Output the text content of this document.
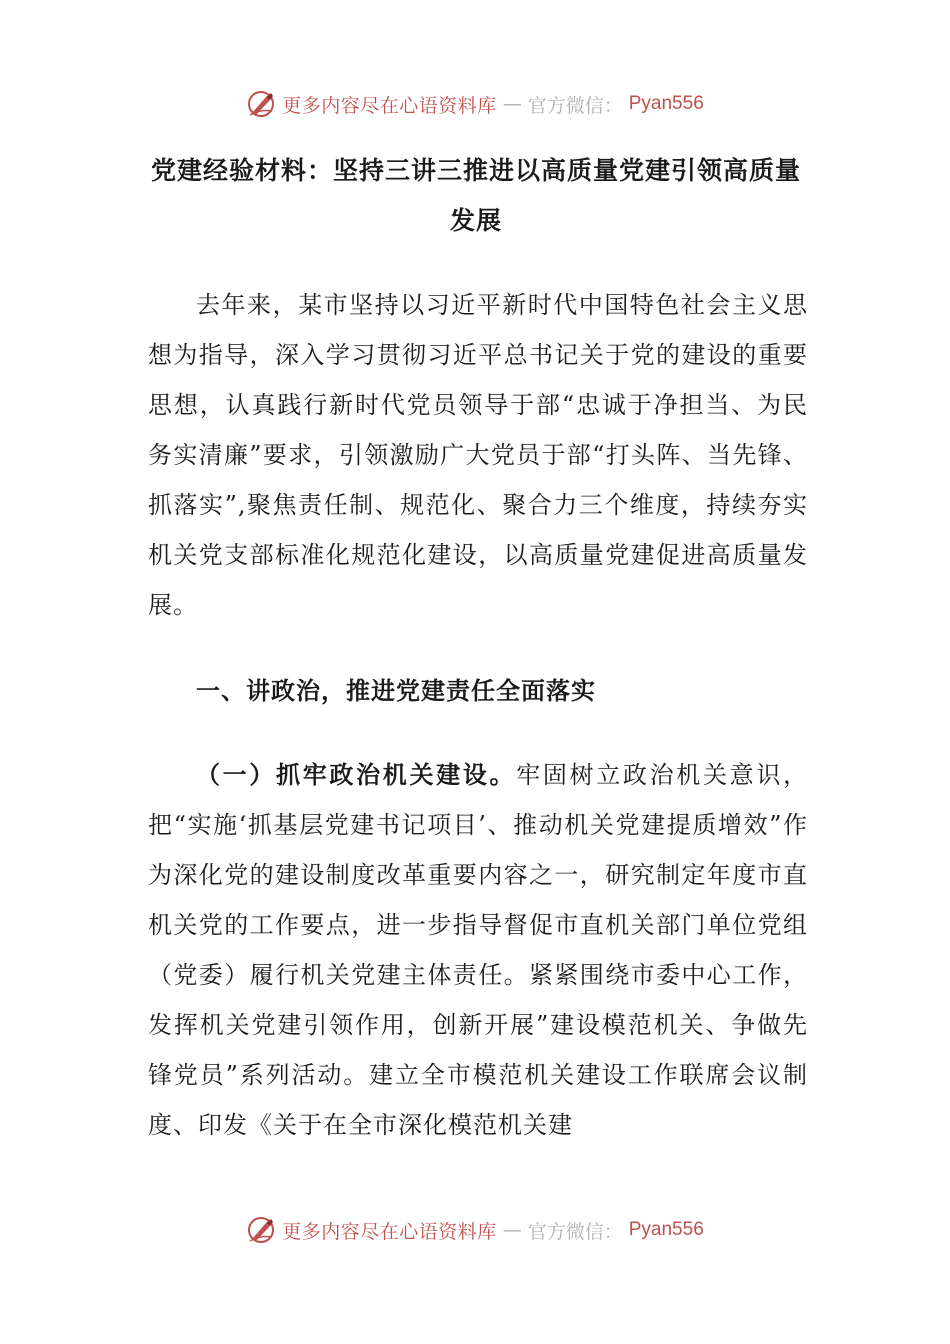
更多内容尽在心语资料库 — 官方微信： Pyan556
党建经验材料：坚持三讲三推进以高质量党建引领高质量发展
去年来，某市坚持以习近平新时代中国特色社会主义思想为指导，深入学习贯彻习近平总书记关于党的建设的重要思想，认真践行新时代党员领导于部“忠诚于净担当、为民务实清廉”要求，引领激励广大党员于部“打头阵、当先锋、抓落实”,聚焦责任制、规范化、聚合力三个维度，持续夯实机关党支部标准化规范化建设，以高质量党建促进高质量发展。
一、讲政治，推进党建责任全面落实
（一）抓牢政治机关建设。牢固树立政治机关意识，把“实施‘抓基层党建书记项目’、推动机关党建提质增效”作为深化党的建设制度改革重要内容之一，研究制定年度市直机关党的工作要点，进一步指导督促市直机关部门单位党组（党委）履行机关党建主体责任。紧紧围绕市委中心工作，发挥机关党建引领作用，创新开展”建设模范机关、争做先锋党员”系列活动。建立全市模范机关建设工作联席会议制度、印发《关于在全市深化模范机关建
更多内容尽在心语资料库 — 官方微信： Pyan556
